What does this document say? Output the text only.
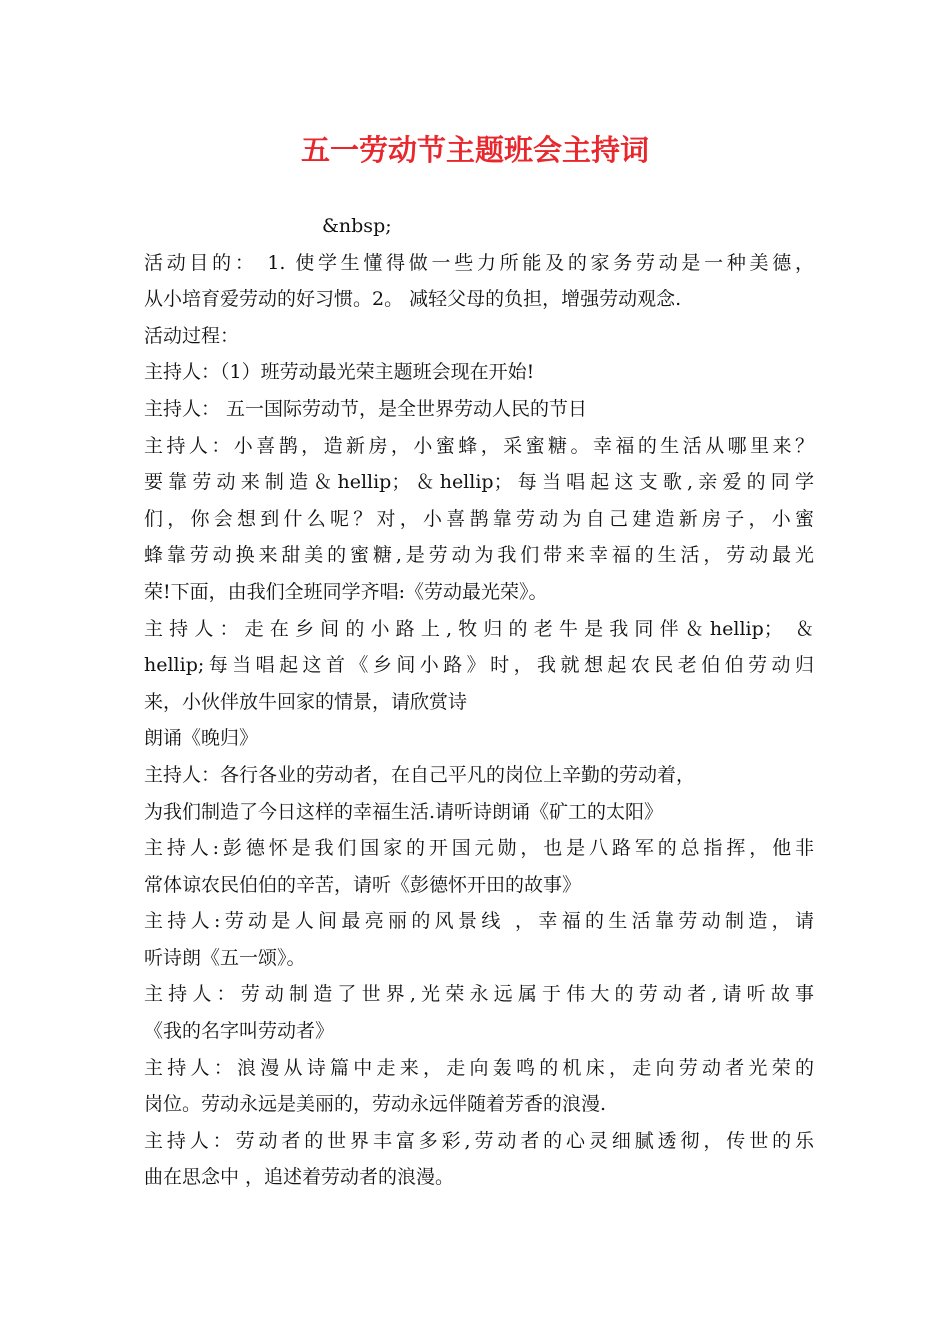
五一劳动节主题班会主持词
&nbsp;
活动目的： 1. 使学生懂得做一些力所能及的家务劳动是一种美德，
从小培育爱劳动的好习惯。2。 减轻父母的负担，增强劳动观念.
活动过程：
主持人：（1）班劳动最光荣主题班会现在开始!
主持人： 五一国际劳动节，是全世界劳动人民的节日
主持人：小喜鹊，造新房，小蜜蜂，采蜜糖。幸福的生活从哪里来？
要靠劳动来制造＆hellip；＆hellip；每当唱起这支歌,亲爱的同学
们，你会想到什么呢？对，小喜鹊靠劳动为自己建造新房子，小蜜
蜂靠劳动换来甜美的蜜糖,是劳动为我们带来幸福的生活，劳动最光
荣!下面，由我们全班同学齐唱:《劳动最光荣》。
主持人：走在乡间的小路上,牧归的老牛是我同伴＆hellip； ＆
hellip;每当唱起这首《乡间小路》时，我就想起农民老伯伯劳动归
来，小伙伴放牛回家的情景，请欣赏诗
朗诵《晚归》
主持人：各行各业的劳动者，在自己平凡的岗位上辛勤的劳动着，
为我们制造了今日这样的幸福生活.请听诗朗诵《矿工的太阳》
主持人:彭德怀是我们国家的开国元勋，也是八路军的总指挥，他非
常体谅农民伯伯的辛苦，请听《彭德怀开田的故事》
主持人:劳动是人间最亮丽的风景线 ，幸福的生活靠劳动制造，请
听诗朗《五一颂》。
主持人：劳动制造了世界,光荣永远属于伟大的劳动者,请听故事
《我的名字叫劳动者》
主持人：浪漫从诗篇中走来，走向轰鸣的机床，走向劳动者光荣的
岗位。劳动永远是美丽的，劳动永远伴随着芳香的浪漫.
主持人：劳动者的世界丰富多彩,劳动者的心灵细腻透彻，传世的乐
曲在思念中 ，追述着劳动者的浪漫。
